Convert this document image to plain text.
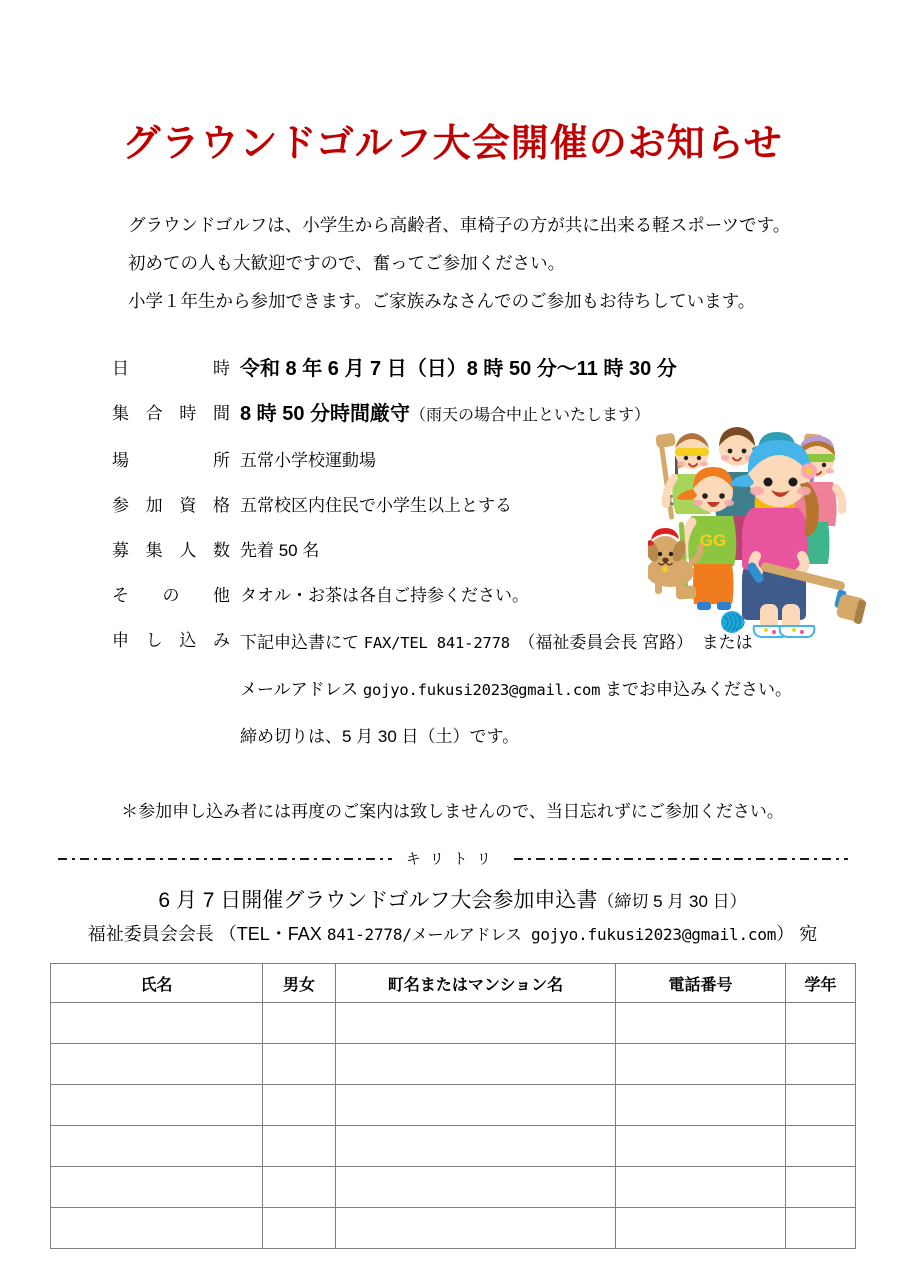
グラウンドゴルフ大会開催のお知らせ
グラウンドゴルフは、小学生から高齢者、車椅子の方が共に出来る軽スポーツです。
初めての人も大歓迎ですので、奮ってご参加ください。
小学１年生から参加できます。ご家族みなさんでのご参加もお待ちしています。
日　　時 令和 8 年 6 月 7 日（日）8 時 50 分〜11 時 30 分
集合時間 8 時 50 分時間厳守（雨天の場合中止といたします）
場　　所 五常小学校運動場
参加資格 五常校区内住民で小学生以上とする
募集人数 先着 50 名
そ の 他 タオル・お茶は各自ご持参ください。
申し込み 下記申込書にて FAX/TEL 841-2778　（福祉委員会長 宮路）　または
メールアドレス gojyo.fukusi2023@gmail.com までお申込みください。
締め切りは、5 月 30 日（土）です。
GG
＊参加申し込み者には再度のご案内は致しませんので、当日忘れずにご参加ください。
キリトリ
6 月 7 日開催グラウンドゴルフ大会参加申込書（締切 5 月 30 日）
福祉委員会会長 （TEL・FAX 841-2778/メールアドレス gojyo.fukusi2023@gmail.com） 宛
氏名	男女	町名またはマンション名	電話番号	学年
